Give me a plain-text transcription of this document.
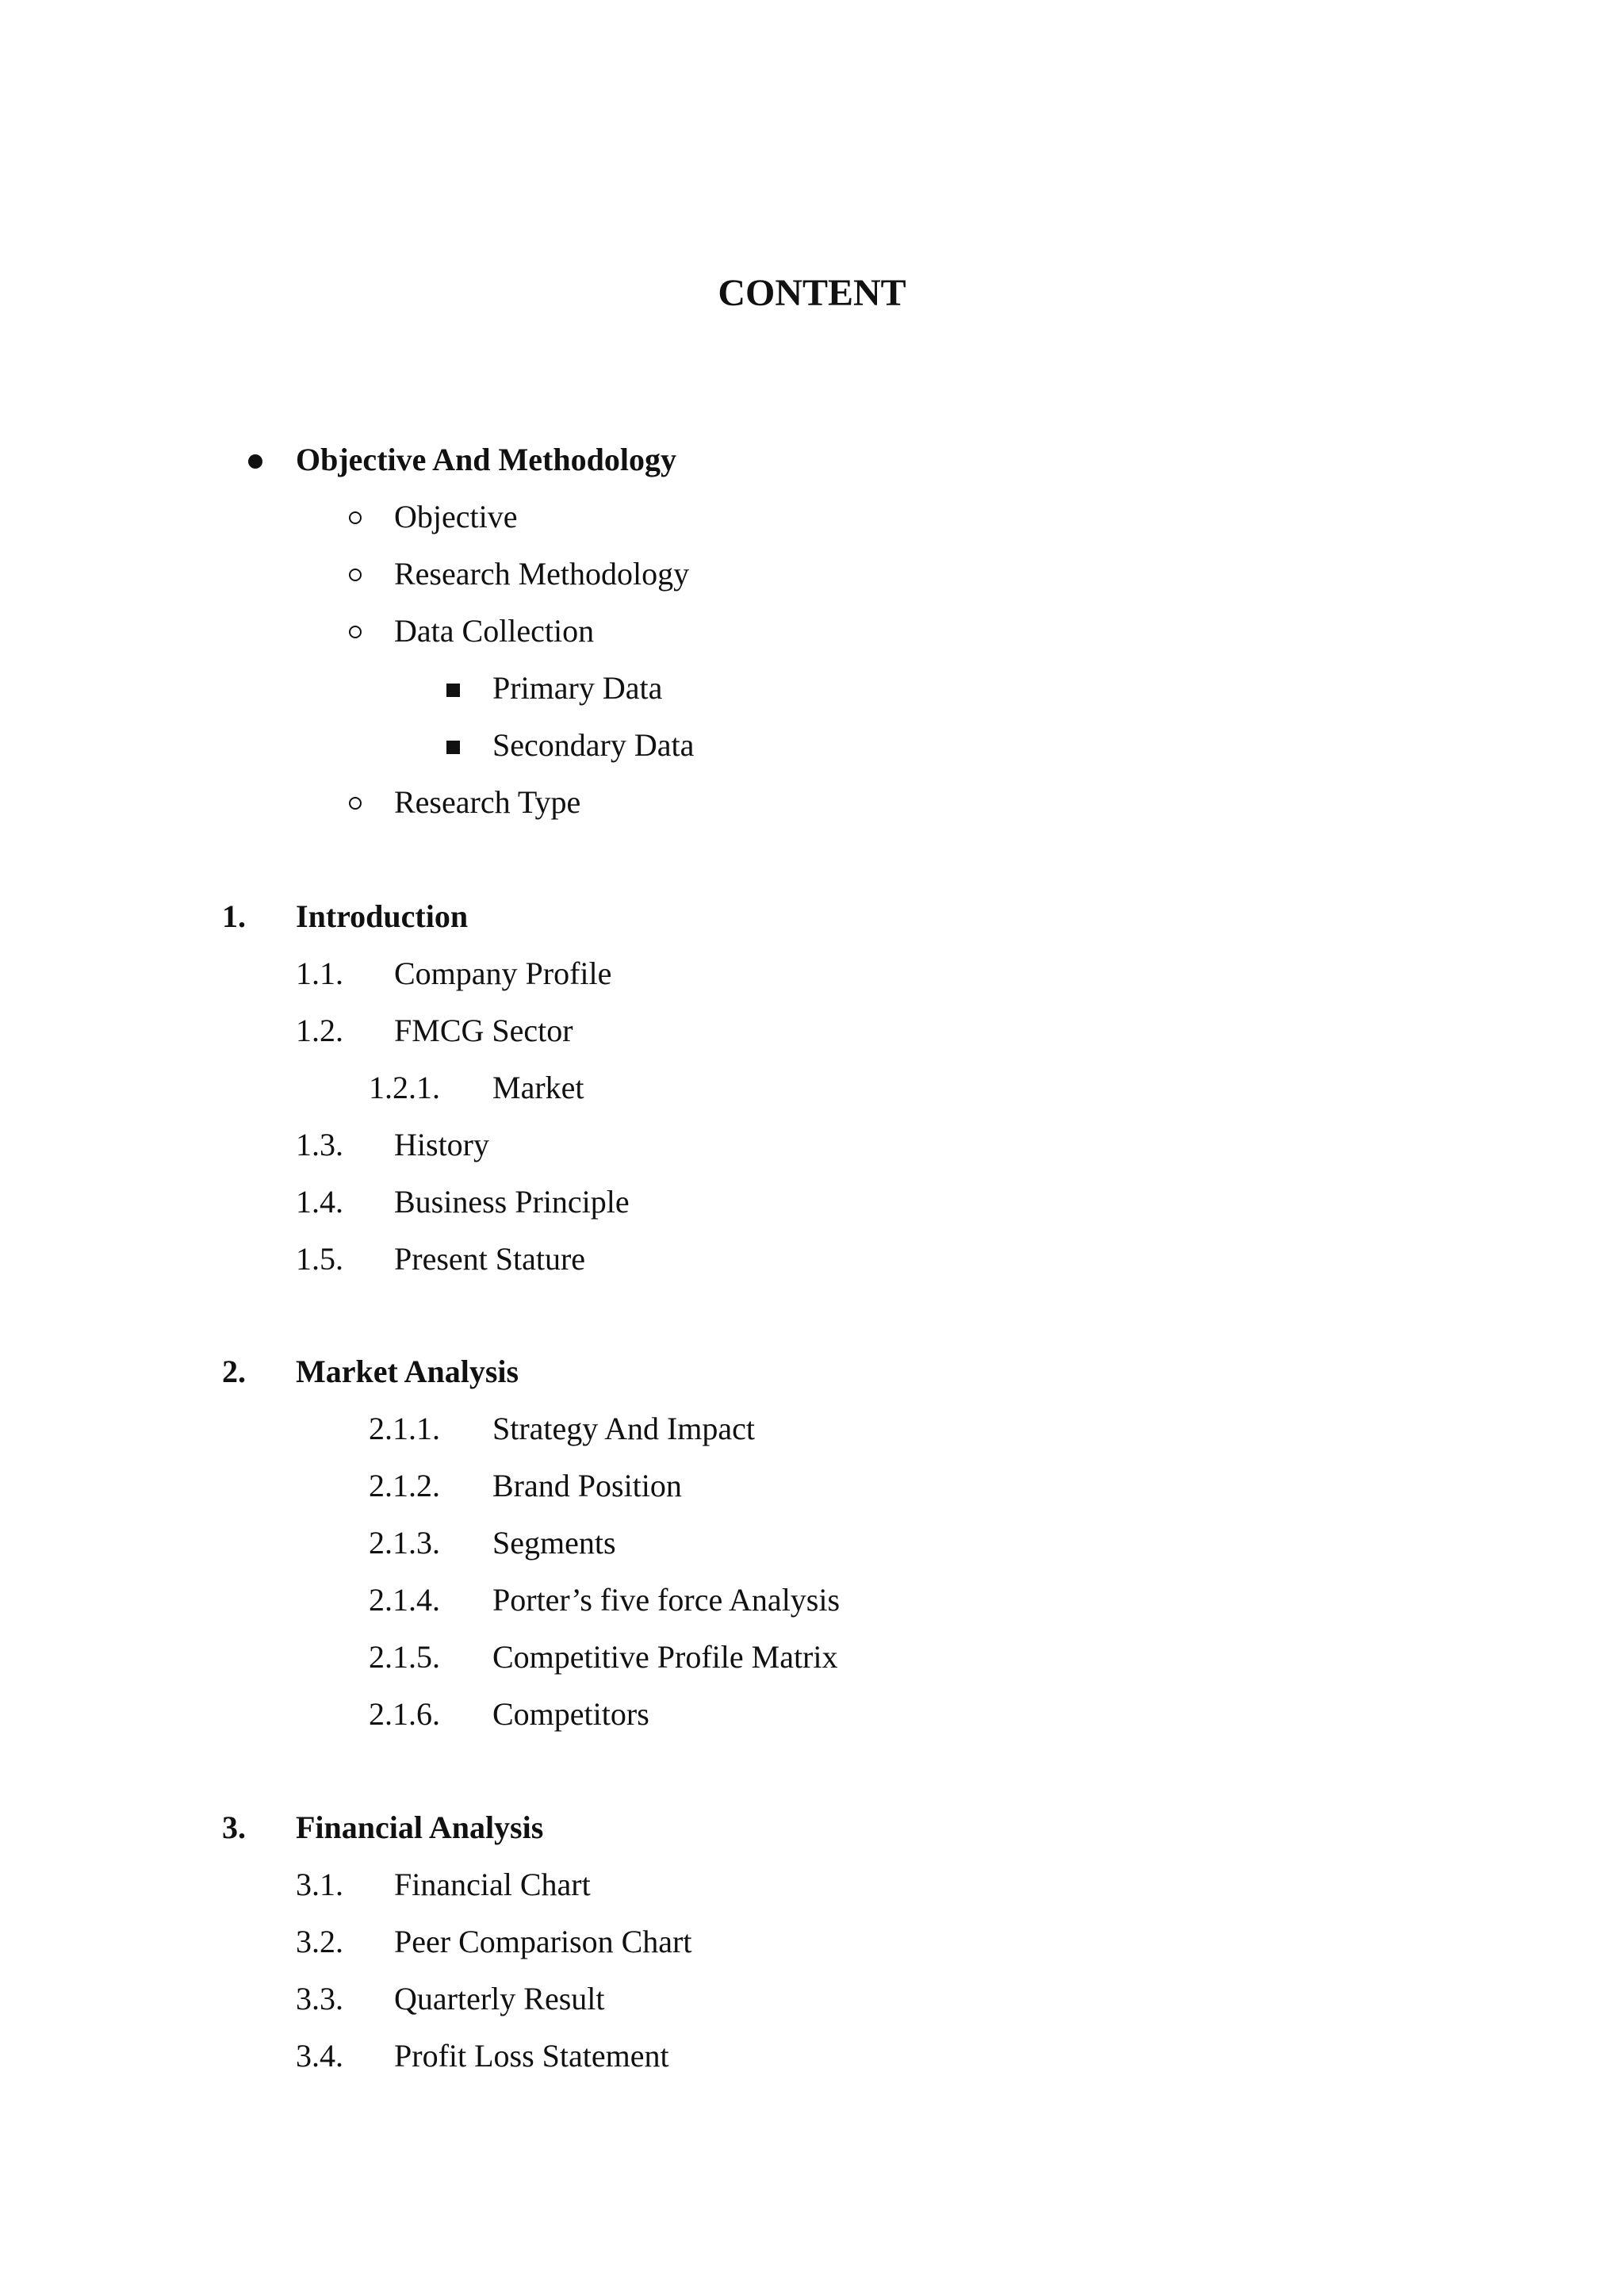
CONTENT
Objective And Methodology
Objective
Research Methodology
Data Collection
Primary Data
Secondary Data
Research Type
1. Introduction
1.1. Company Profile
1.2. FMCG Sector
1.2.1. Market
1.3. History
1.4. Business Principle
1.5. Present Stature
2. Market Analysis
2.1.1. Strategy And Impact
2.1.2. Brand Position
2.1.3. Segments
2.1.4. Porter’s five force Analysis
2.1.5. Competitive Profile Matrix
2.1.6. Competitors
3. Financial Analysis
3.1. Financial Chart
3.2. Peer Comparison Chart
3.3. Quarterly Result
3.4. Profit Loss Statement
